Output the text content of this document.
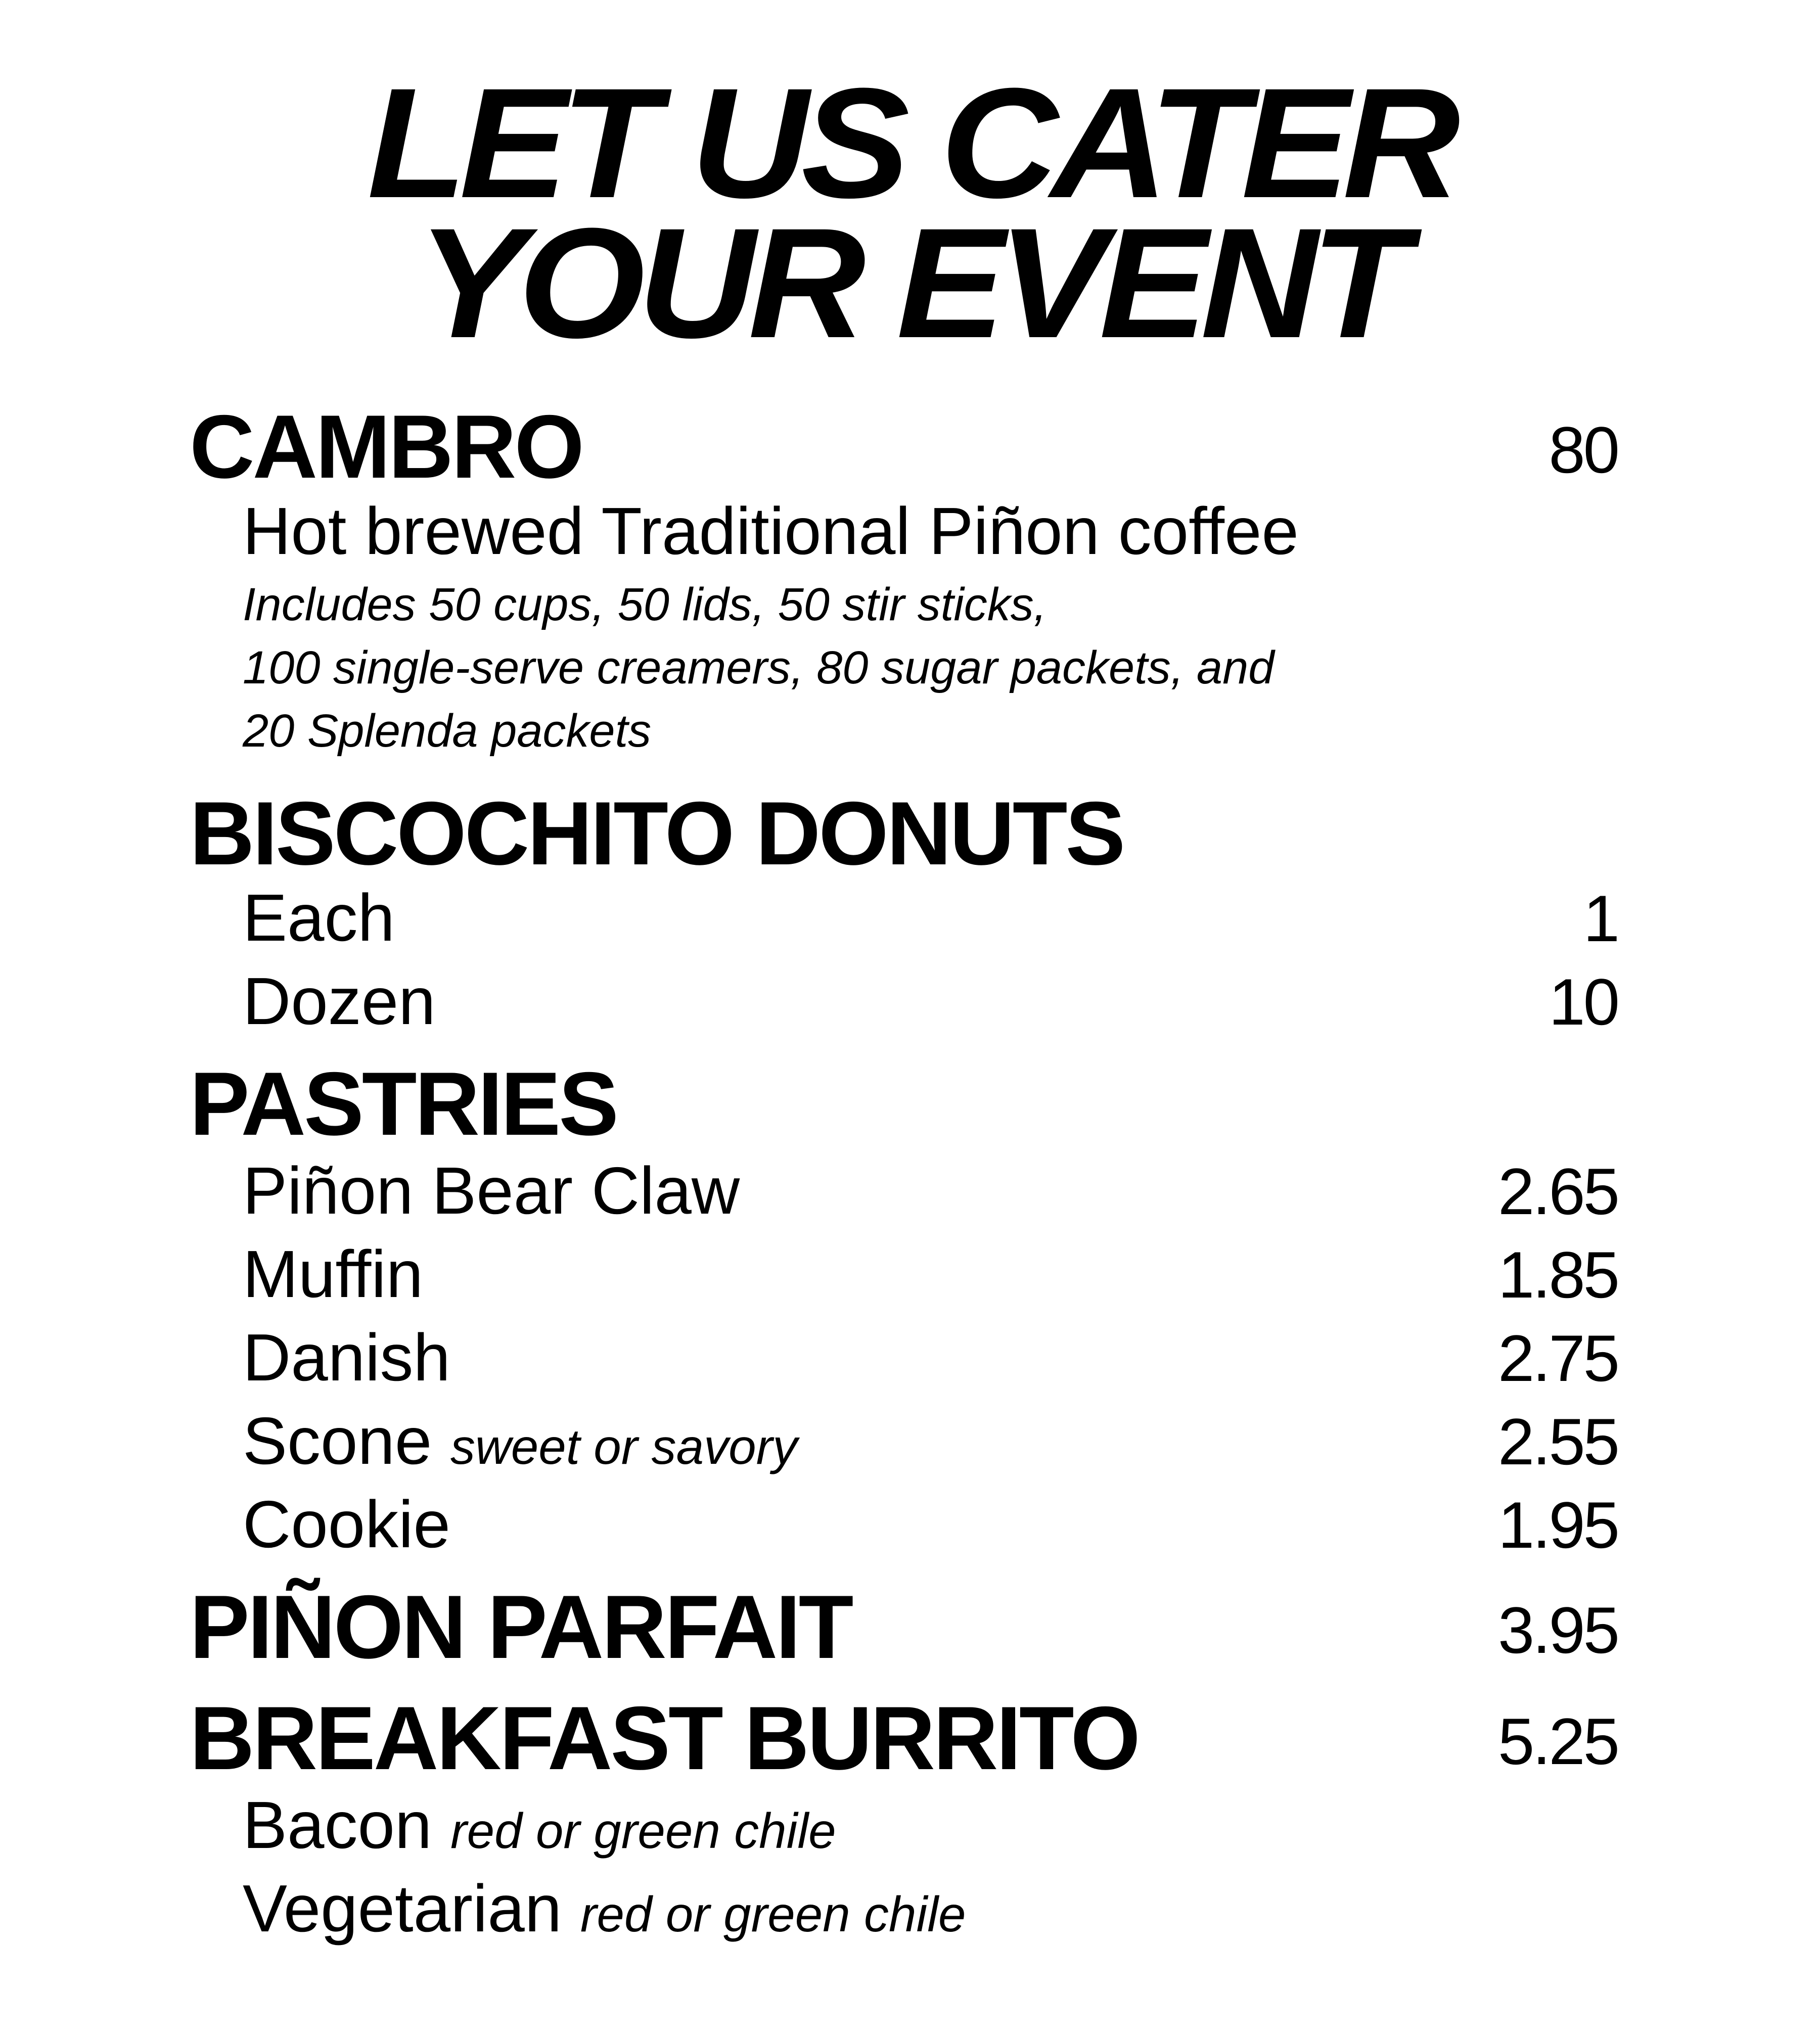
LET US CATER
YOUR EVENT
CAMBRO	80
Hot brewed Traditional Piñon coffee
Includes 50 cups, 50 lids, 50 stir sticks,
100 single-serve creamers, 80 sugar packets, and
20 Splenda packets
BISCOCHITO DONUTS
Each	1
Dozen	10
PASTRIES
Piñon Bear Claw	2.65
Muffin	1.85
Danish	2.75
Scone sweet or savory	2.55
Cookie	1.95
PIÑON PARFAIT	3.95
BREAKFAST BURRITO	5.25
Bacon red or green chile
Vegetarian red or green chile
